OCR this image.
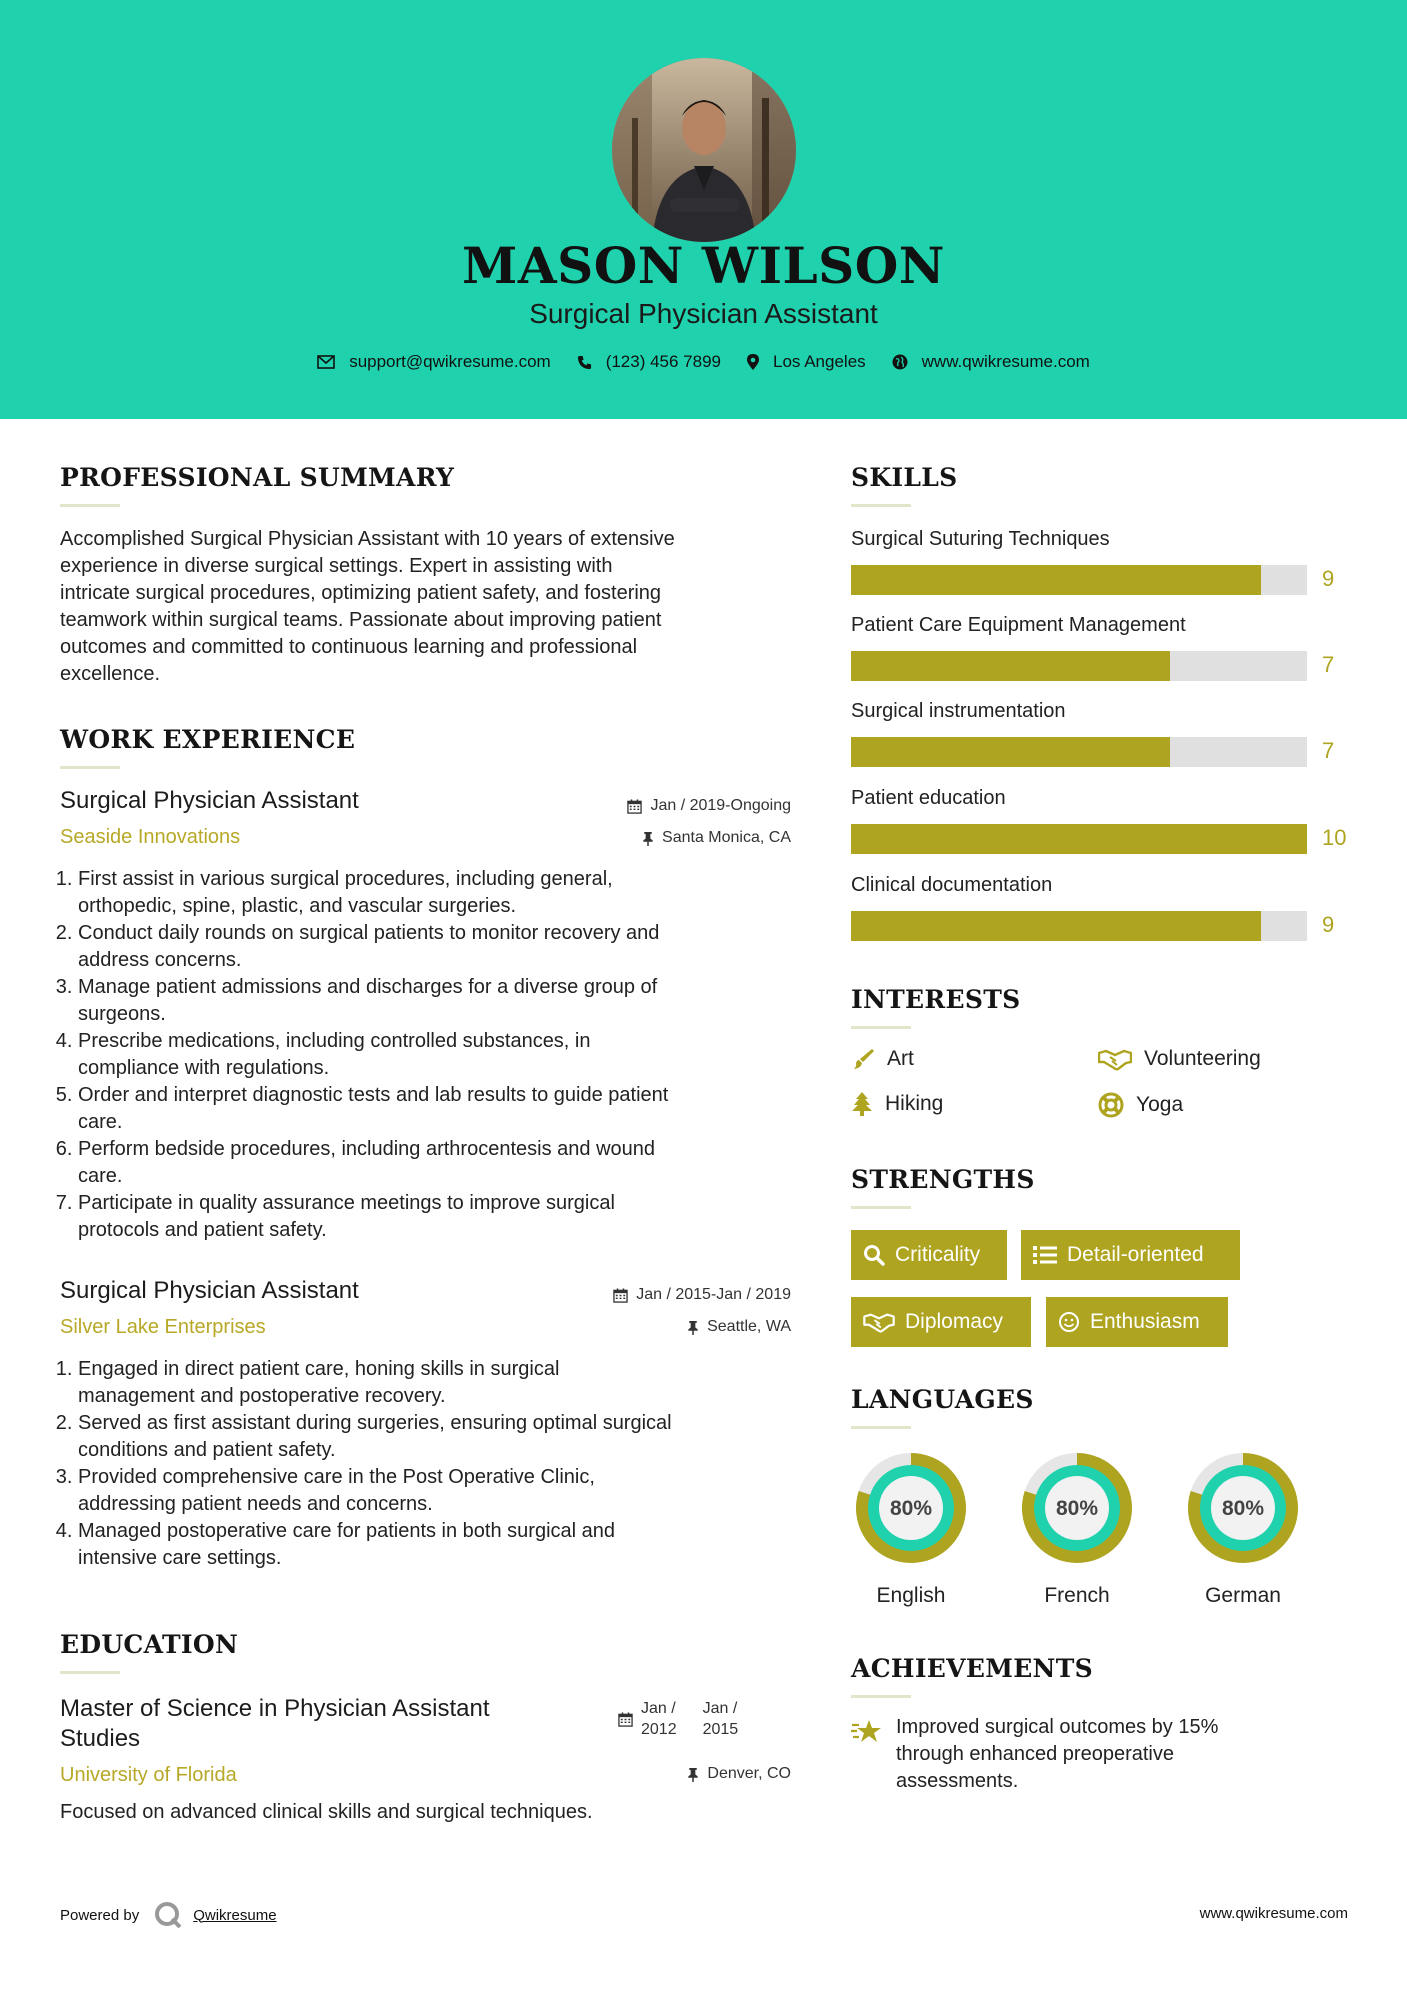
MASON WILSON
Surgical Physician Assistant
support@qwikresume.com	(123) 456 7899	Los Angeles	www.qwikresume.com
PROFESSIONAL SUMMARY
Accomplished Surgical Physician Assistant with 10 years of extensive
experience in diverse surgical settings. Expert in assisting with
intricate surgical procedures, optimizing patient safety, and fostering
teamwork within surgical teams. Passionate about improving patient
outcomes and committed to continuous learning and professional
excellence.
WORK EXPERIENCE
Surgical Physician Assistant
Seaside Innovations
Jan / 2019-Ongoing
Santa Monica, CA
1. First assist in various surgical procedures, including general,
orthopedic, spine, plastic, and vascular surgeries.
2. Conduct daily rounds on surgical patients to monitor recovery and
address concerns.
3. Manage patient admissions and discharges for a diverse group of
surgeons.
4. Prescribe medications, including controlled substances, in
compliance with regulations.
5. Order and interpret diagnostic tests and lab results to guide patient
care.
6. Perform bedside procedures, including arthrocentesis and wound
care.
7. Participate in quality assurance meetings to improve surgical
protocols and patient safety.
Surgical Physician Assistant
Silver Lake Enterprises
Jan / 2015-Jan / 2019
Seattle, WA
1. Engaged in direct patient care, honing skills in surgical
management and postoperative recovery.
2. Served as first assistant during surgeries, ensuring optimal surgical
conditions and patient safety.
3. Provided comprehensive care in the Post Operative Clinic,
addressing patient needs and concerns.
4. Managed postoperative care for patients in both surgical and
intensive care settings.
EDUCATION
Master of Science in Physician Assistant
Studies
University of Florida
Jan /
2012
Jan /
2015
Denver, CO
Focused on advanced clinical skills and surgical techniques.
SKILLS
Surgical Suturing Techniques
9
Patient Care Equipment Management
7
Surgical instrumentation
7
Patient education
10
Clinical documentation
9
INTERESTS
Art	Volunteering
Hiking	Yoga
STRENGTHS
Criticality	Detail-oriented
Diplomacy	Enthusiasm
LANGUAGES
80%
English
80%
French
80%
German
ACHIEVEMENTS
Improved surgical outcomes by 15%
through enhanced preoperative
assessments.
Powered by	Qwikresume	www.qwikresume.com
